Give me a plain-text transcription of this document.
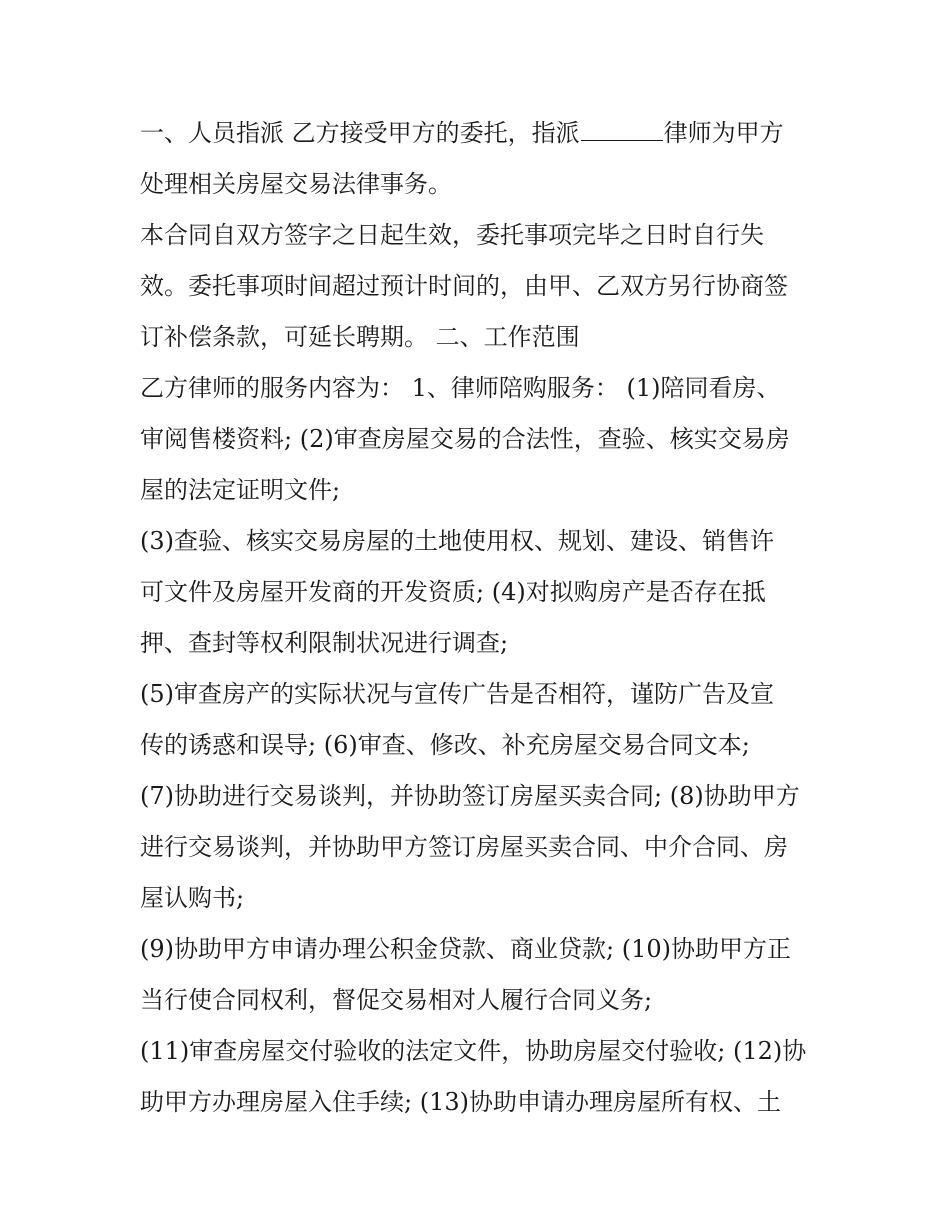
一、人员指派 乙方接受甲方的委托，指派	律师为甲方
处理相关房屋交易法律事务。
本合同自双方签字之日起生效，委托事项完毕之日时自行失
效。委托事项时间超过预计时间的，由甲、乙双方另行协商签
订补偿条款，可延长聘期。 二、工作范围
乙方律师的服务内容为： 1、律师陪购服务： (1)陪同看房、
审阅售楼资料; (2)审查房屋交易的合法性，查验、核实交易房
屋的法定证明文件;
(3)查验、核实交易房屋的土地使用权、规划、建设、销售许
可文件及房屋开发商的开发资质; (4)对拟购房产是否存在抵
押、查封等权利限制状况进行调查;
(5)审查房产的实际状况与宣传广告是否相符，谨防广告及宣
传的诱惑和误导; (6)审查、修改、补充房屋交易合同文本;
(7)协助进行交易谈判，并协助签订房屋买卖合同; (8)协助甲方
进行交易谈判，并协助甲方签订房屋买卖合同、中介合同、房
屋认购书;
(9)协助甲方申请办理公积金贷款、商业贷款; (10)协助甲方正
当行使合同权利，督促交易相对人履行合同义务;
(11)审查房屋交付验收的法定文件，协助房屋交付验收; (12)协
助甲方办理房屋入住手续; (13)协助申请办理房屋所有权、土
